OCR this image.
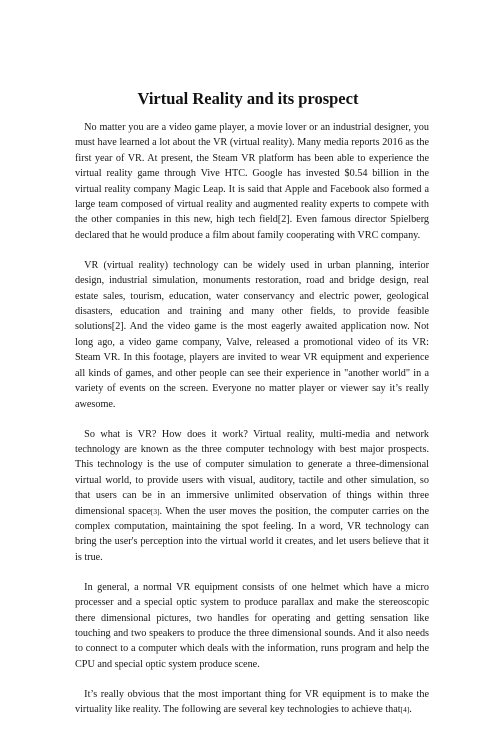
Virtual Reality and its prospect

No matter you are a video game player, a movie lover or an industrial designer, you must have learned a lot about the VR (virtual reality). Many media reports 2016 as the first year of VR. At present, the Steam VR platform has been able to experience the virtual reality game through Vive HTC. Google has invested $0.54 billion in the virtual reality company Magic Leap. It is said that Apple and Facebook also formed a large team composed of virtual reality and augmented reality experts to compete with the other companies in this new, high tech field[2]. Even famous director Spielberg declared that he would produce a film about family cooperating with VRC company.

VR (virtual reality) technology can be widely used in urban planning, interior design, industrial simulation, monuments restoration, road and bridge design, real estate sales, tourism, education, water conservancy and electric power, geological disasters, education and training and many other fields, to provide feasible solutions[2]. And the video game is the most eagerly awaited application now. Not long ago, a video game company, Valve, released a promotional video of its VR: Steam VR. In this footage, players are invited to wear VR equipment and experience all kinds of games, and other people can see their experience in "another world" in a variety of events on the screen. Everyone no matter player or viewer say it’s really awesome.

So what is VR? How does it work? Virtual reality, multi-media and network technology are known as the three computer technology with best major prospects. This technology is the use of computer simulation to generate a three-dimensional virtual world, to provide users with visual, auditory, tactile and other simulation, so that users can be in an immersive unlimited observation of things within three dimensional space[3]. When the user moves the position, the computer carries on the complex computation, maintaining the spot feeling. In a word, VR technology can bring the user's perception into the virtual world it creates, and let users believe that it is true.

In general, a normal VR equipment consists of one helmet which have a micro processer and a special optic system to produce parallax and make the stereoscopic there dimensional pictures, two handles for operating and getting sensation like touching and two speakers to produce the three dimensional sounds. And it also needs to connect to a computer which deals with the information, runs program and help the CPU and special optic system produce scene.

It’s really obvious that the most important thing for VR equipment is to make the virtuality like reality. The following are several key technologies to achieve that[4].
